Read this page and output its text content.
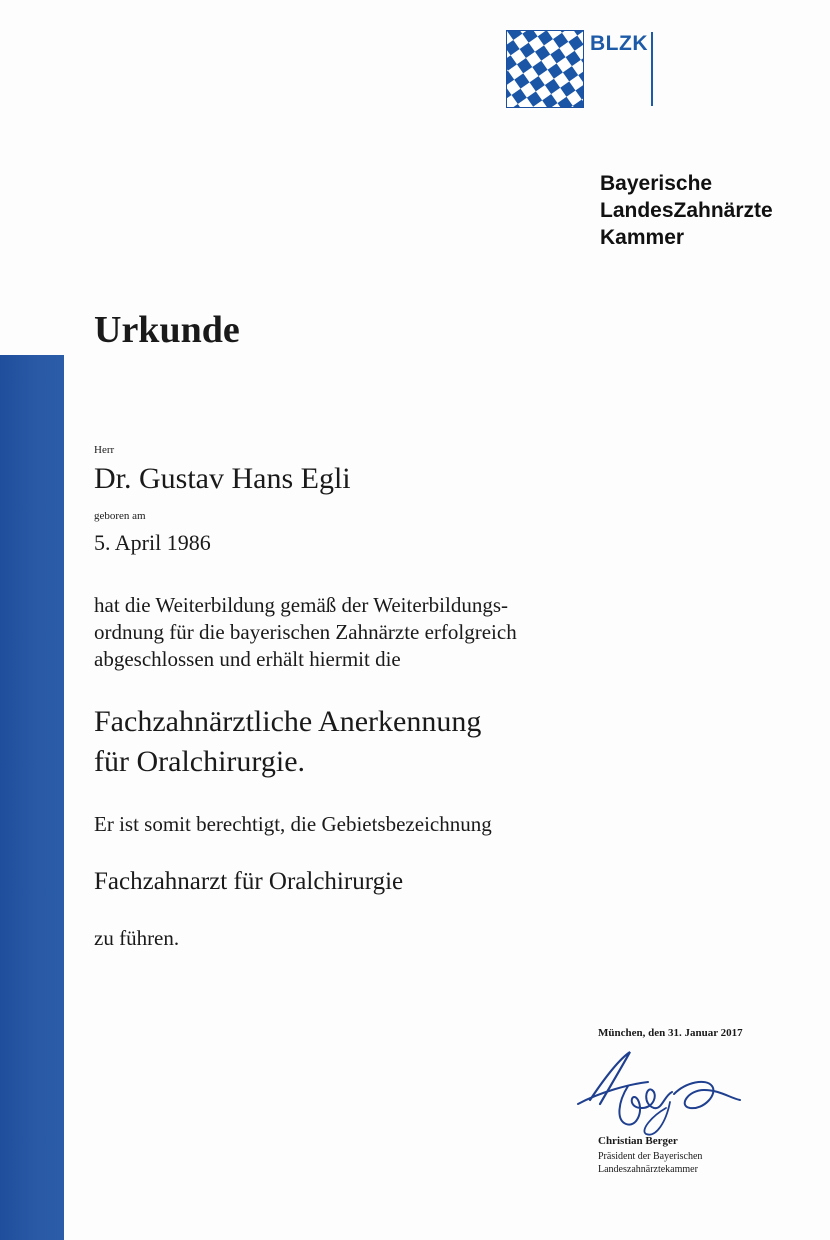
BLZK
Bayerische
LandesZahnärzte
Kammer
Urkunde
Herr
Dr. Gustav Hans Egli
geboren am
5. April 1986
hat die Weiterbildung gemäß der Weiterbildungs-
ordnung für die bayerischen Zahnärzte erfolgreich
abgeschlossen und erhält hiermit die
Fachzahnärztliche Anerkennung
für Oralchirurgie.
Er ist somit berechtigt, die Gebietsbezeichnung
Fachzahnarzt für Oralchirurgie
zu führen.
München, den 31. Januar 2017
Christian Berger
Präsident der Bayerischen
Landeszahnärztekammer
